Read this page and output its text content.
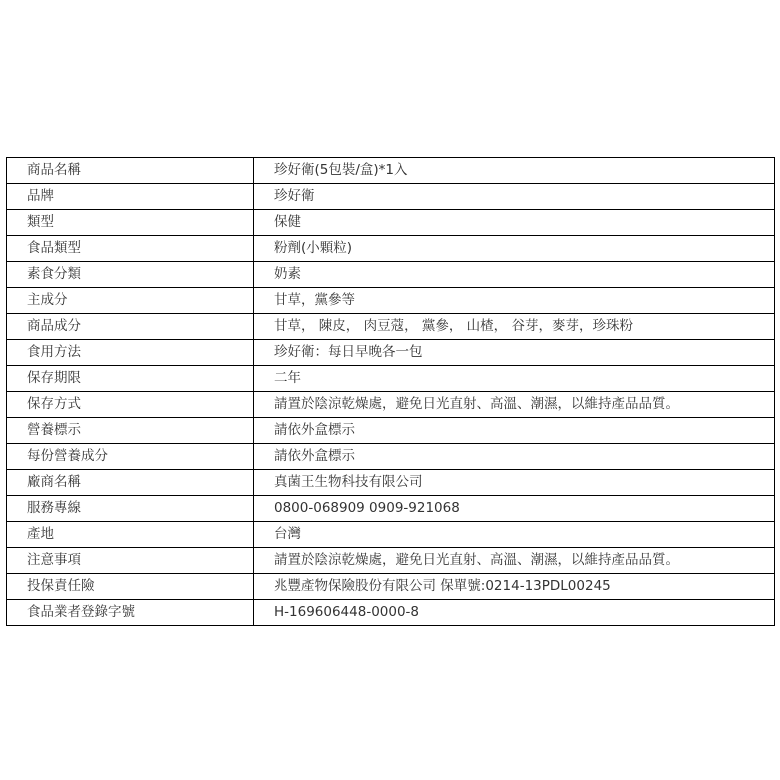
商品名稱	珍好衛(5包裝/盒)*1入
品牌	珍好衛
類型	保健
食品類型	粉劑(小顆粒)
素食分類	奶素
主成分	甘草，黨參等
商品成分	甘草， 陳皮， 肉豆蔻， 黨參， 山楂， 谷芽，麥芽，珍珠粉
食用方法	珍好衛：每日早晚各一包
保存期限	二年
保存方式	請置於陰涼乾燥處，避免日光直射、高溫、潮濕，以維持產品品質。
營養標示	請依外盒標示
每份營養成分	請依外盒標示
廠商名稱	真菌王生物科技有限公司
服務專線	0800-068909 0909-921068
產地	台灣
注意事項	請置於陰涼乾燥處，避免日光直射、高溫、潮濕，以維持產品品質。
投保責任險	兆豐產物保險股份有限公司 保單號:0214-13PDL00245
食品業者登錄字號	H-169606448-0000-8
